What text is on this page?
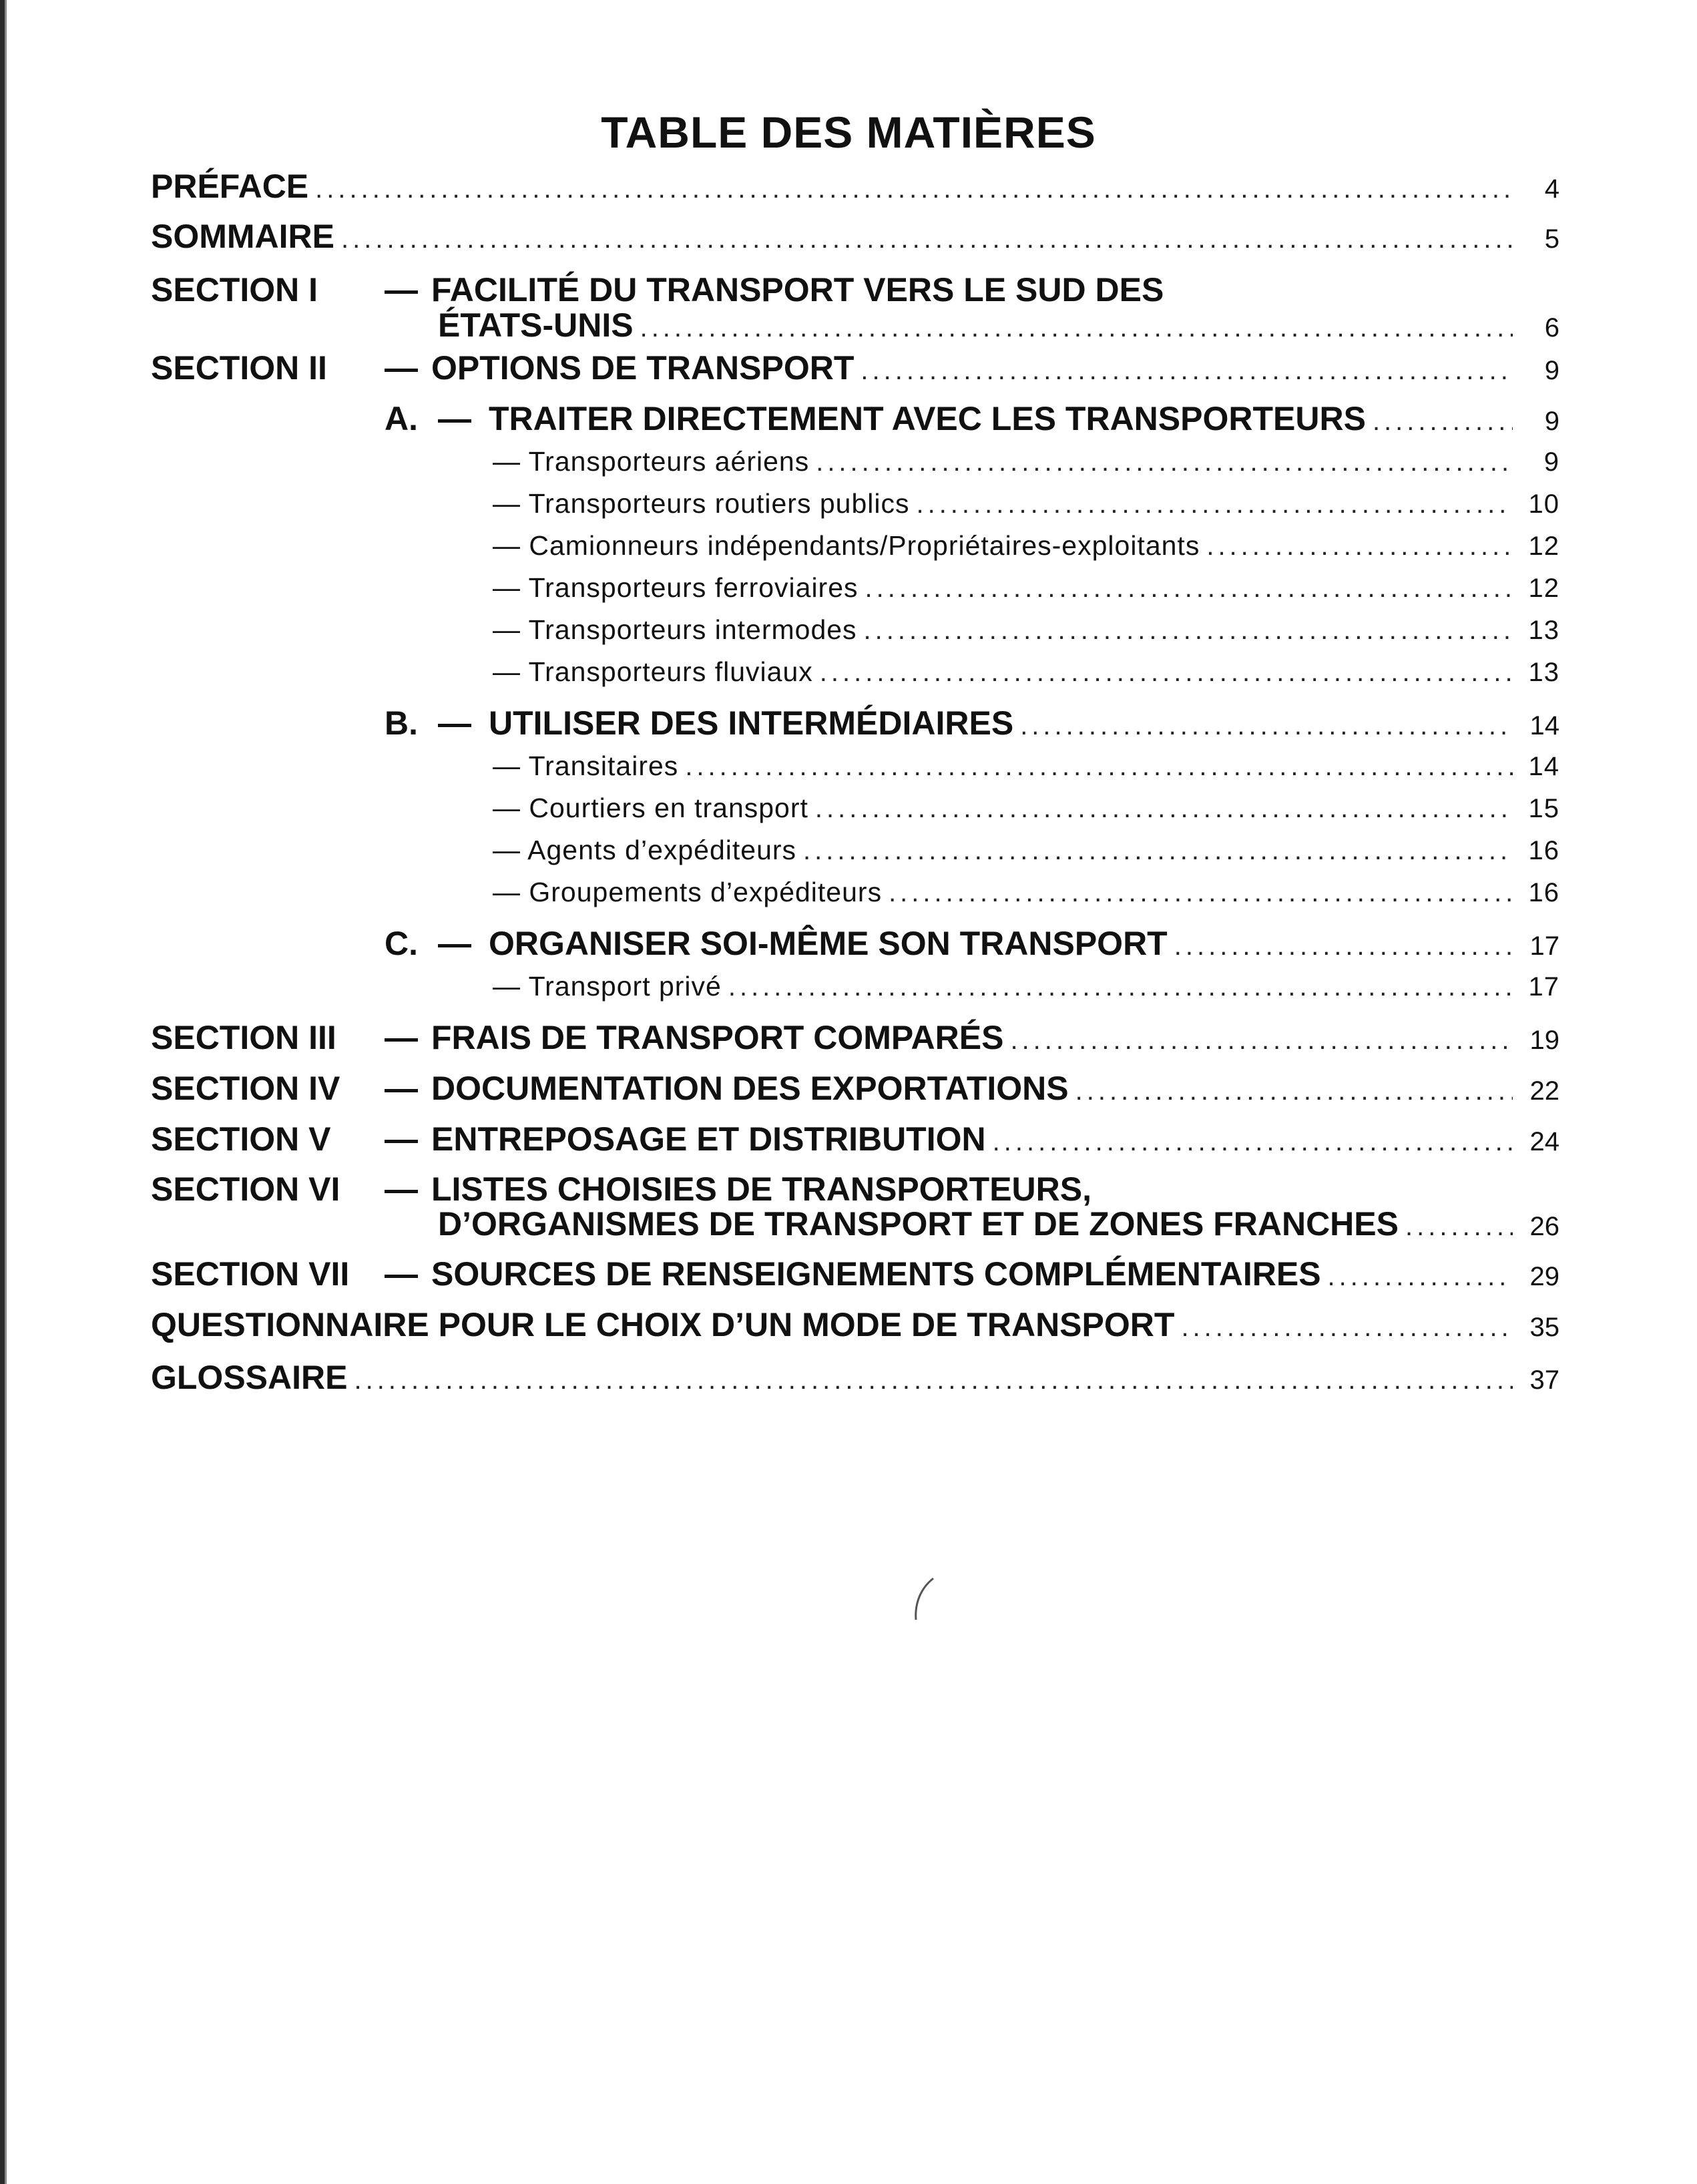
TABLE DES MATIÈRES
PRÉFACE .....	4
SOMMAIRE .....	5
SECTION I	— FACILITÉ DU TRANSPORT VERS LE SUD DES
ÉTATS-UNIS .....	6
SECTION II	— OPTIONS DE TRANSPORT .....	9
A. — TRAITER DIRECTEMENT AVEC LES TRANSPORTEURS .....	9
— Transporteurs aériens .....	9
— Transporteurs routiers publics .....	10
— Camionneurs indépendants/Propriétaires-exploitants .....	12
— Transporteurs ferroviaires .....	12
— Transporteurs intermodes .....	13
— Transporteurs fluviaux .....	13
B. — UTILISER DES INTERMÉDIAIRES .....	14
— Transitaires .....	14
— Courtiers en transport .....	15
— Agents d’expéditeurs .....	16
— Groupements d’expéditeurs .....	16
C. — ORGANISER SOI-MÊME SON TRANSPORT .....	17
— Transport privé .....	17
SECTION III	— FRAIS DE TRANSPORT COMPARÉS .....	19
SECTION IV	— DOCUMENTATION DES EXPORTATIONS .....	22
SECTION V	— ENTREPOSAGE ET DISTRIBUTION .....	24
SECTION VI	— LISTES CHOISIES DE TRANSPORTEURS,
D’ORGANISMES DE TRANSPORT ET DE ZONES FRANCHES .....	26
SECTION VII	— SOURCES DE RENSEIGNEMENTS COMPLÉMENTAIRES .....	29
QUESTIONNAIRE POUR LE CHOIX D’UN MODE DE TRANSPORT .....	35
GLOSSAIRE .....	37
